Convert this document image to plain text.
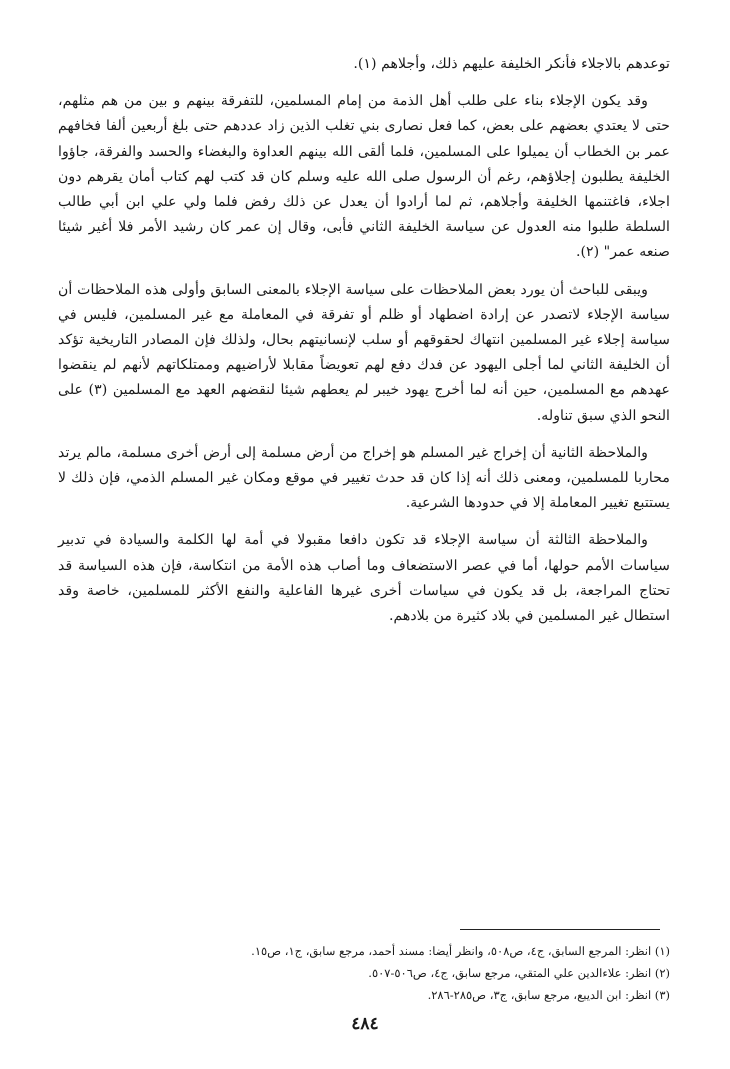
توعدهم بالاجلاء فأنكر الخليفة عليهم ذلك، وأجلاهم (١).

وقد يكون الإجلاء بناء على طلب أهل الذمة من إمام المسلمين، للتفرقة بينهم و بين من هم مثلهم، حتى لا يعتدي بعضهم على بعض، كما فعل نصارى بني تغلب الذين زاد عددهم حتى بلغ أربعين ألفا فخافهم عمر بن الخطاب أن يميلوا على المسلمين، فلما ألقى الله بينهم العداوة والبغضاء والحسد والفرقة، جاؤوا الخليفة يطلبون إجلاؤهم، رغم أن الرسول صلى الله عليه وسلم كان قد كتب لهم كتاب أمان يقرهم دون اجلاء، فاغتنمها الخليفة وأجلاهم، ثم لما أرادوا أن يعدل عن ذلك رفض فلما ولي علي ابن أبي طالب السلطة طلبوا منه العدول عن سياسة الخليفة الثاني فأبى، وقال إن عمر كان رشيد الأمر فلا أغير شيئا صنعه عمر" (٢).

ويبقى للباحث أن يورد بعض الملاحظات على سياسة الإجلاء بالمعنى السابق وأولى هذه الملاحظات أن سياسة الإجلاء لاتصدر عن إرادة اضطهاد أو ظلم أو تفرقة في المعاملة مع غير المسلمين، فليس في سياسة إجلاء غير المسلمين انتهاك لحقوقهم أو سلب لإنسانيتهم بحال، ولذلك فإن المصادر التاريخية تؤكد أن الخليفة الثاني لما أجلى اليهود عن فدك دفع لهم تعويضاً مقابلا لأراضيهم وممتلكاتهم لأنهم لم ينقضوا عهدهم مع المسلمين، حين أنه لما أخرج يهود خيبر لم يعطهم شيئا لنقضهم العهد مع المسلمين (٣) على النحو الذي سبق تناوله.

والملاحظة الثانية أن إخراج غير المسلم هو إخراج من أرض مسلمة إلى أرض أخرى مسلمة، مالم يرتد محاربا للمسلمين، ومعنى ذلك أنه إذا كان قد حدث تغيير في موقع ومكان غير المسلم الذمي، فإن ذلك لا يستتبع تغيير المعاملة إلا في حدودها الشرعية.

والملاحظة الثالثة أن سياسة الإجلاء قد تكون دافعا مقبولا في أمة لها الكلمة والسيادة في تدبير سياسات الأمم حولها، أما في عصر الاستضعاف وما أصاب هذه الأمة من انتكاسة، فإن هذه السياسة قد تحتاج المراجعة، بل قد يكون في سياسات أخرى غيرها الفاعلية والنفع الأكثر للمسلمين، خاصة وقد استطال غير المسلمين في بلاد كثيرة من بلادهم.

(١) انظر: المرجع السابق، ج٤، ص٥٠٨، وانظر أيضا: مسند أحمد، مرجع سابق، ج١، ص١٥.

(٢) انظر: علاءالدين علي المتقي، مرجع سابق، ج٤، ص٥٠٦-٥٠٧.

(٣) انظر: ابن الديبع، مرجع سابق، ج٣، ص٢٨٥-٢٨٦.

٤٨٤
